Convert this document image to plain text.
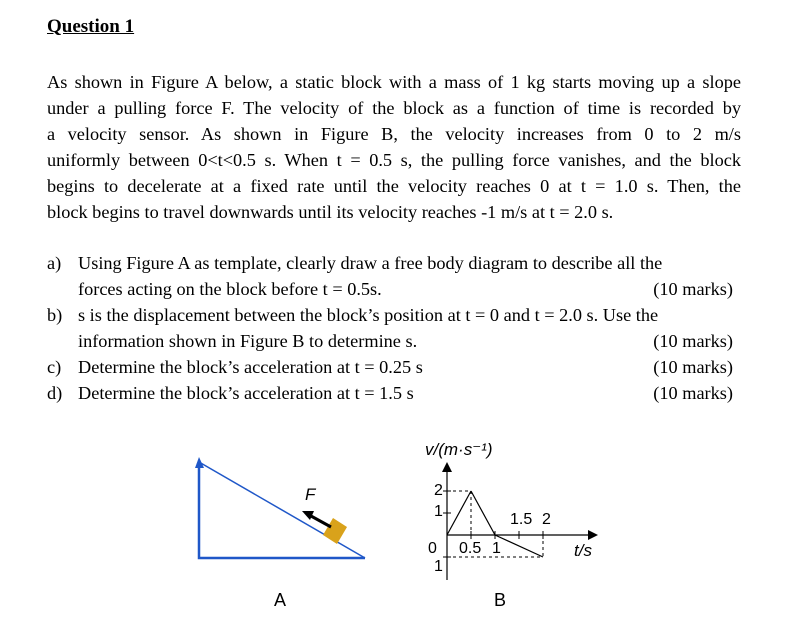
Question 1
As shown in Figure A below, a static block with a mass of 1 kg starts moving up a slope
under a pulling force F. The velocity of the block as a function of time is recorded by
a velocity sensor. As shown in Figure B, the velocity increases from 0 to 2 m/s
uniformly between 0<t<0.5 s. When t = 0.5 s, the pulling force vanishes, and the block
begins to decelerate at a fixed rate until the velocity reaches 0 at t = 1.0 s. Then, the
block begins to travel downwards until its velocity reaches -1 m/s at t = 2.0 s.
a) Using Figure A as template, clearly draw a free body diagram to describe all the
forces acting on the block before t = 0.5s.	(10 marks)
b) s is the displacement between the block’s position at t = 0 and t = 2.0 s. Use the
information shown in Figure B to determine s.	(10 marks)
c) Determine the block’s acceleration at t = 0.25 s	(10 marks)
d) Determine the block’s acceleration at t = 1.5 s	(10 marks)
F
A
v/(m·s⁻¹)
2
1
1
0 0.5 1
1.5 2
t/s
B
